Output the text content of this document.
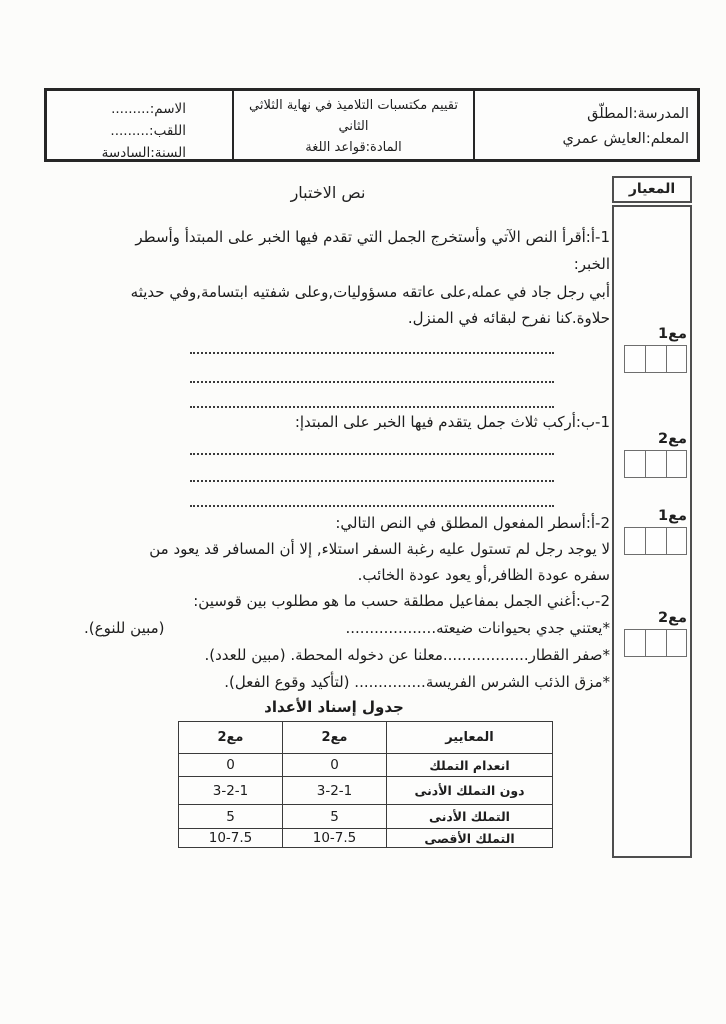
المدرسة:المطلّق
المعلم:العايش عمري
تقييم مكتسبات التلاميذ في نهاية الثلاثي
الثاني
المادة:قواعد اللغة
الاسم:.........
اللقب:.........
السنة:السادسة
نص الاختبار	المعيار
مع1
مع2
مع1
مع2
1-أ:أقرأ النص الآتي وأستخرج الجمل التي تقدم فيها الخبر على المبتدأ وأسطر
الخبر:
أبي رجل جاد في عمله,على عاتقه مسؤوليات,وعلى شفتيه ابتسامة,وفي حديثه
حلاوة.كنا نفرح لبقائه في المنزل.
1-ب:أركب ثلاث جمل يتقدم فيها الخبر على المبتدإ:
2-أ:أسطر المفعول المطلق في النص التالي:
لا يوجد رجل لم تستول عليه رغبة السفر استلاء, إلا أن المسافر قد يعود من
سفره عودة الظافر,أو يعود عودة الخائب.
2-ب:أغني الجمل بمفاعيل مطلقة حسب ما هو مطلوب بين قوسين:
*يعتني جدي بحيوانات ضيعته...................
(مبين للنوع).
*صفر القطار..................معلنا عن دخوله المحطة. (مبين للعدد).
*مزق الذئب الشرس الفريسة............... (لتأكيد وقوع الفعل).
جدول إسناد الأعداد
المعايير	مع2	مع2
انعدام التملك	0	0
دون التملك الأدنى	3-2-1	3-2-1
التملك الأدنى	5	5
التملك الأقصى	10-7.5	10-7.5
